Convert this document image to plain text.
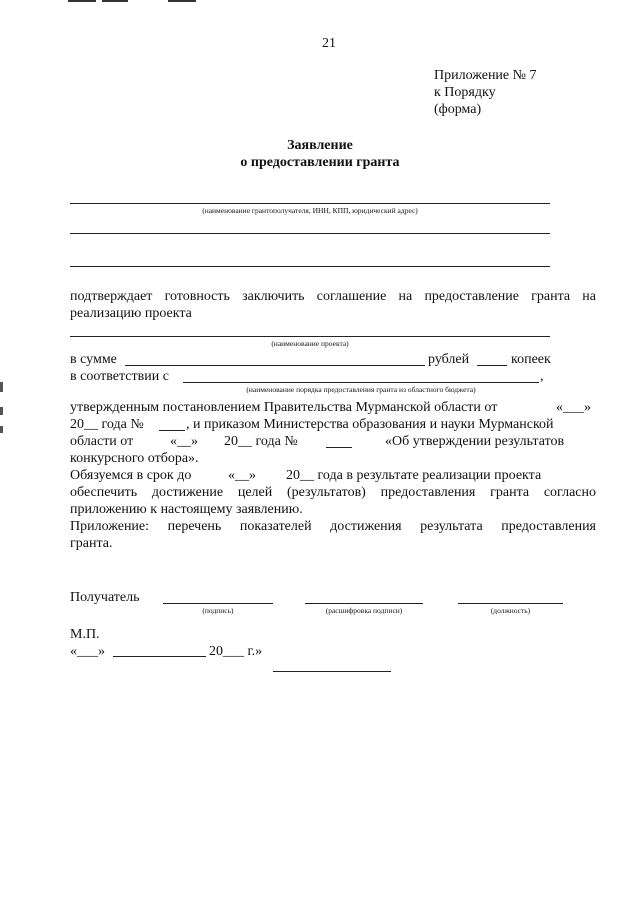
21
Приложение № 7
к Порядку
(форма)
Заявление
о предоставлении гранта
(наименование грантополучателя, ИНН, КПП, юридический адрес)
подтверждает готовность заключить соглашение на предоставление гранта на
реализацию проекта
(наименование проекта)
в сумме	рублей	копеек
в соответствии с	,
(наименование порядка предоставления гранта из областного бюджета)
утвержденным постановлением Правительства Мурманской области от	«___»
20__ года №	, и приказом Министерства образования и науки Мурманской
области от	«__» 20__ года №	«Об утверждении результатов
конкурсного отбора».
Обязуемся в срок до	«__» 20__ года в результате реализации проекта
обеспечить достижение целей (результатов) предоставления гранта согласно
приложению к настоящему заявлению.
Приложение: перечень показателей достижения результата предоставления
гранта.
Получатель
(подпись)	(расшифровка подписи)	(должность)
М.П.
«___»	20___ г.»
